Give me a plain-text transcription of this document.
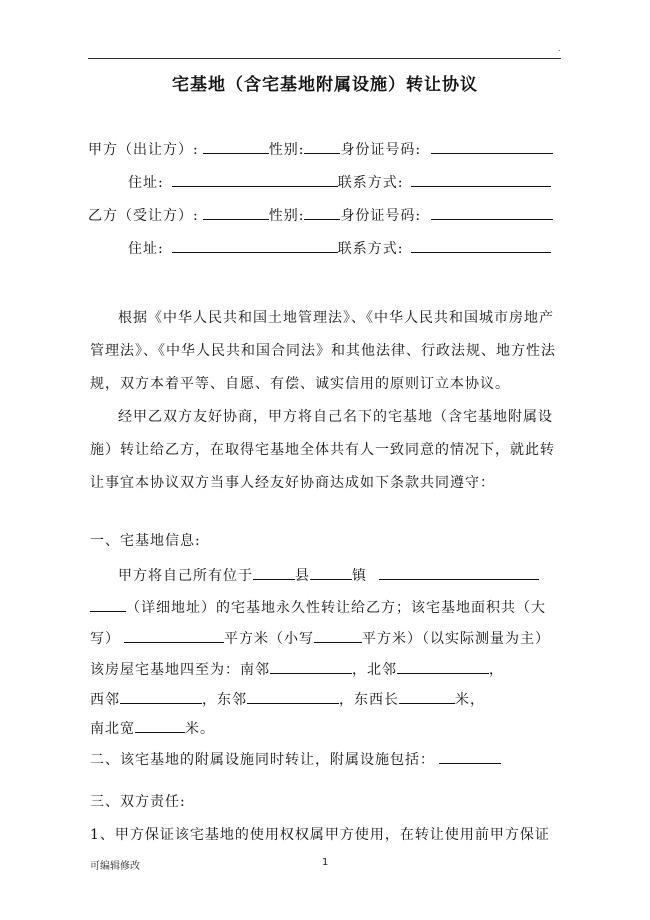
.
宅基地（含宅基地附属设施）转让协议
甲方（出让方）:	性别:	身份证号码:
住址:	联系方式:
乙方（受让方）:	性别:	身份证号码:
住址:	联系方式:
根据《中华人民共和国土地管理法》、《中华人民共和国城市房地产
管理法》、《中华人民共和国合同法》和其他法律、行政法规、地方性法
规，双方本着平等、自愿、有偿、诚实信用的原则订立本协议。
经甲乙双方友好协商，甲方将自己名下的宅基地（含宅基地附属设
施）转让给乙方，在取得宅基地全体共有人一致同意的情况下，就此转
让事宜本协议双方当事人经友好协商达成如下条款共同遵守：
一、宅基地信息:
甲方将自己所有位于	县	镇
（详细地址）的宅基地永久性转让给乙方；该宅基地面积共（大
写）	平方米（小写	平方米）（以实际测量为主）
该房屋宅基地四至为：南邻	，北邻	，
西邻	，东邻	，东西长	米，
南北宽	米。
二、该宅基地的附属设施同时转让，附属设施包括：
三、双方责任:
1、甲方保证该宅基地的使用权权属甲方使用，在转让使用前甲方保证
可编辑修改	1
